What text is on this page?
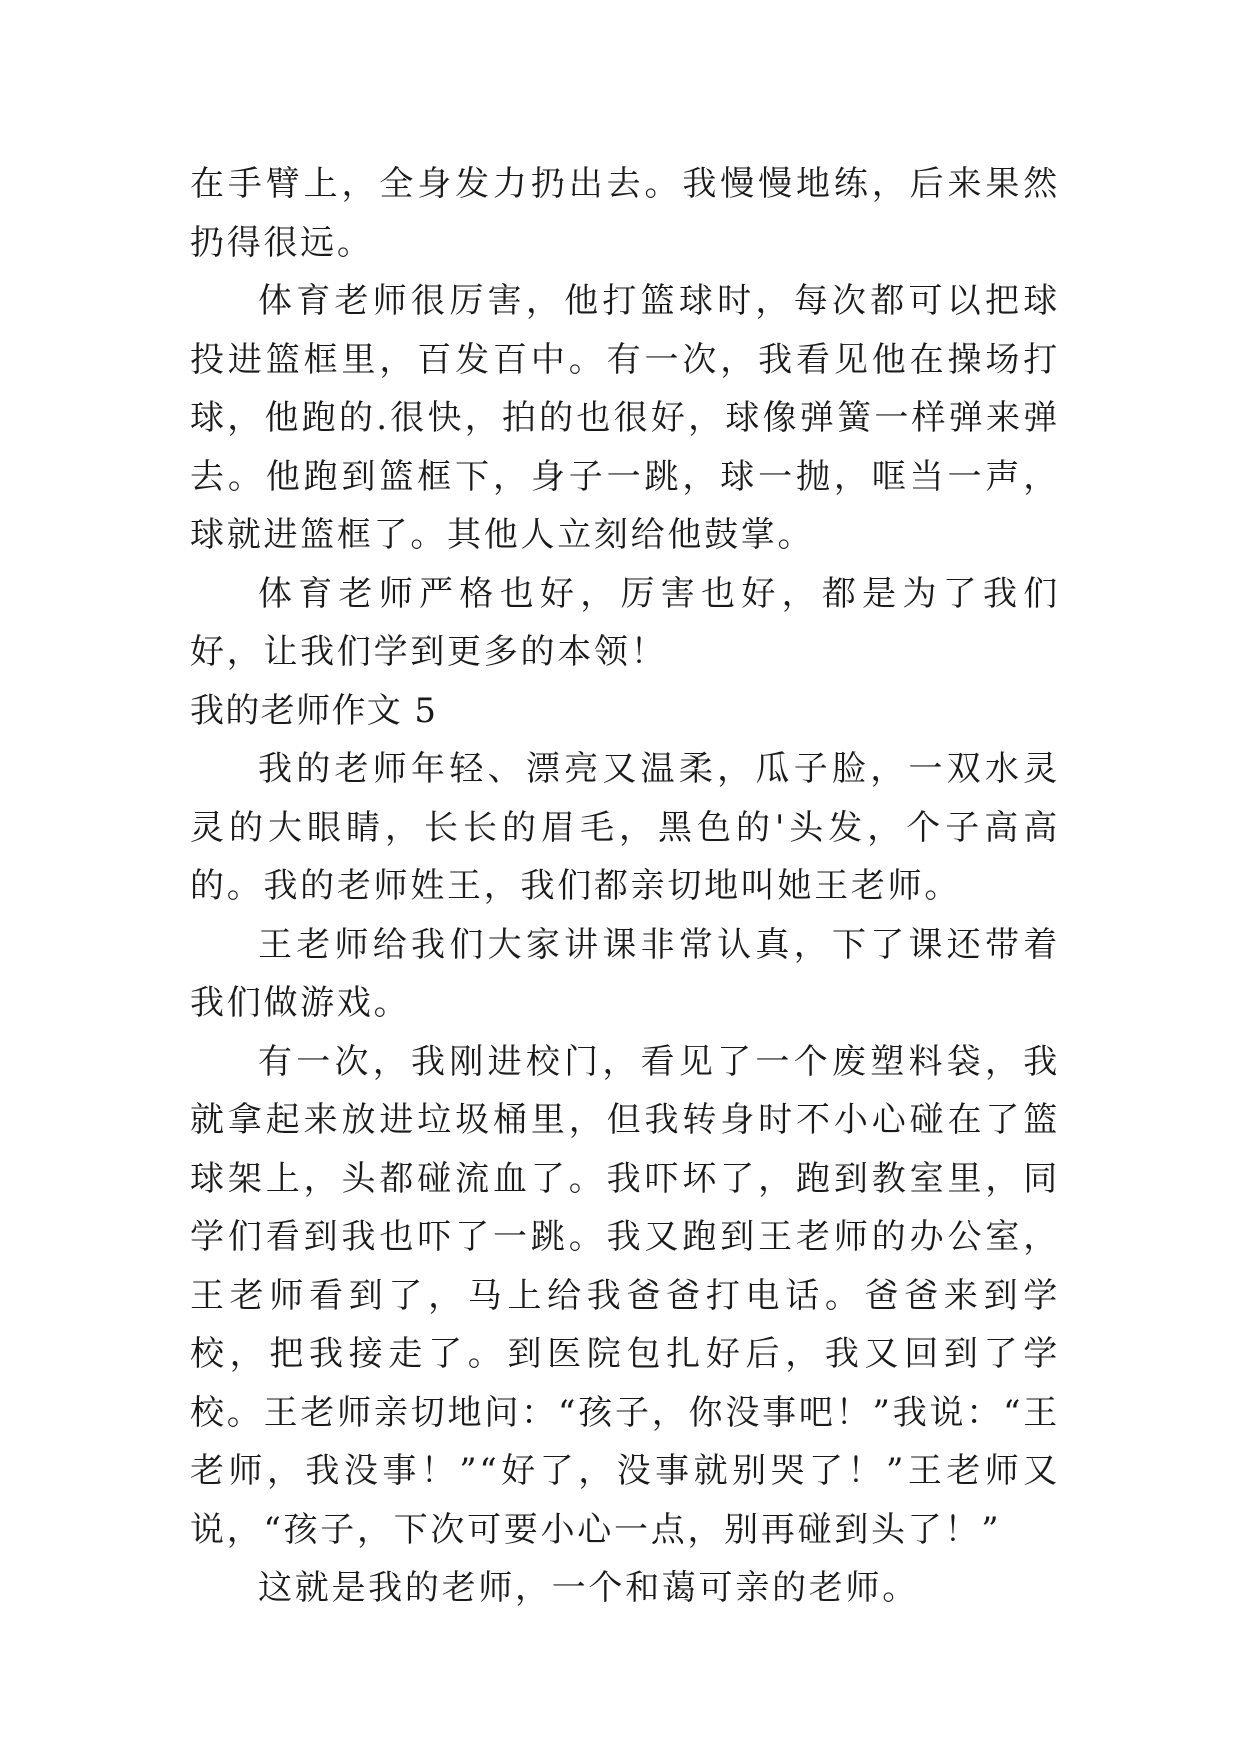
在手臂上，全身发力扔出去。我慢慢地练，后来果然扔得很远。

体育老师很厉害，他打篮球时，每次都可以把球投进篮框里，百发百中。有一次，我看见他在操场打球，他跑的.很快，拍的也很好，球像弹簧一样弹来弹去。他跑到篮框下，身子一跳，球一抛，哐当一声，球就进篮框了。其他人立刻给他鼓掌。

体育老师严格也好，厉害也好，都是为了我们好，让我们学到更多的本领！

我的老师作文 5

我的老师年轻、漂亮又温柔，瓜子脸，一双水灵灵的大眼睛，长长的眉毛，黑色的'头发，个子高高的。我的老师姓王，我们都亲切地叫她王老师。

王老师给我们大家讲课非常认真，下了课还带着我们做游戏。

有一次，我刚进校门，看见了一个废塑料袋，我就拿起来放进垃圾桶里，但我转身时不小心碰在了篮球架上，头都碰流血了。我吓坏了，跑到教室里，同学们看到我也吓了一跳。我又跑到王老师的办公室，王老师看到了，马上给我爸爸打电话。爸爸来到学校，把我接走了。到医院包扎好后，我又回到了学校。王老师亲切地问：“孩子，你没事吧！”我说：“王老师，我没事！”“好了，没事就别哭了！”王老师又说，“孩子，下次可要小心一点，别再碰到头了！”

这就是我的老师，一个和蔼可亲的老师。
